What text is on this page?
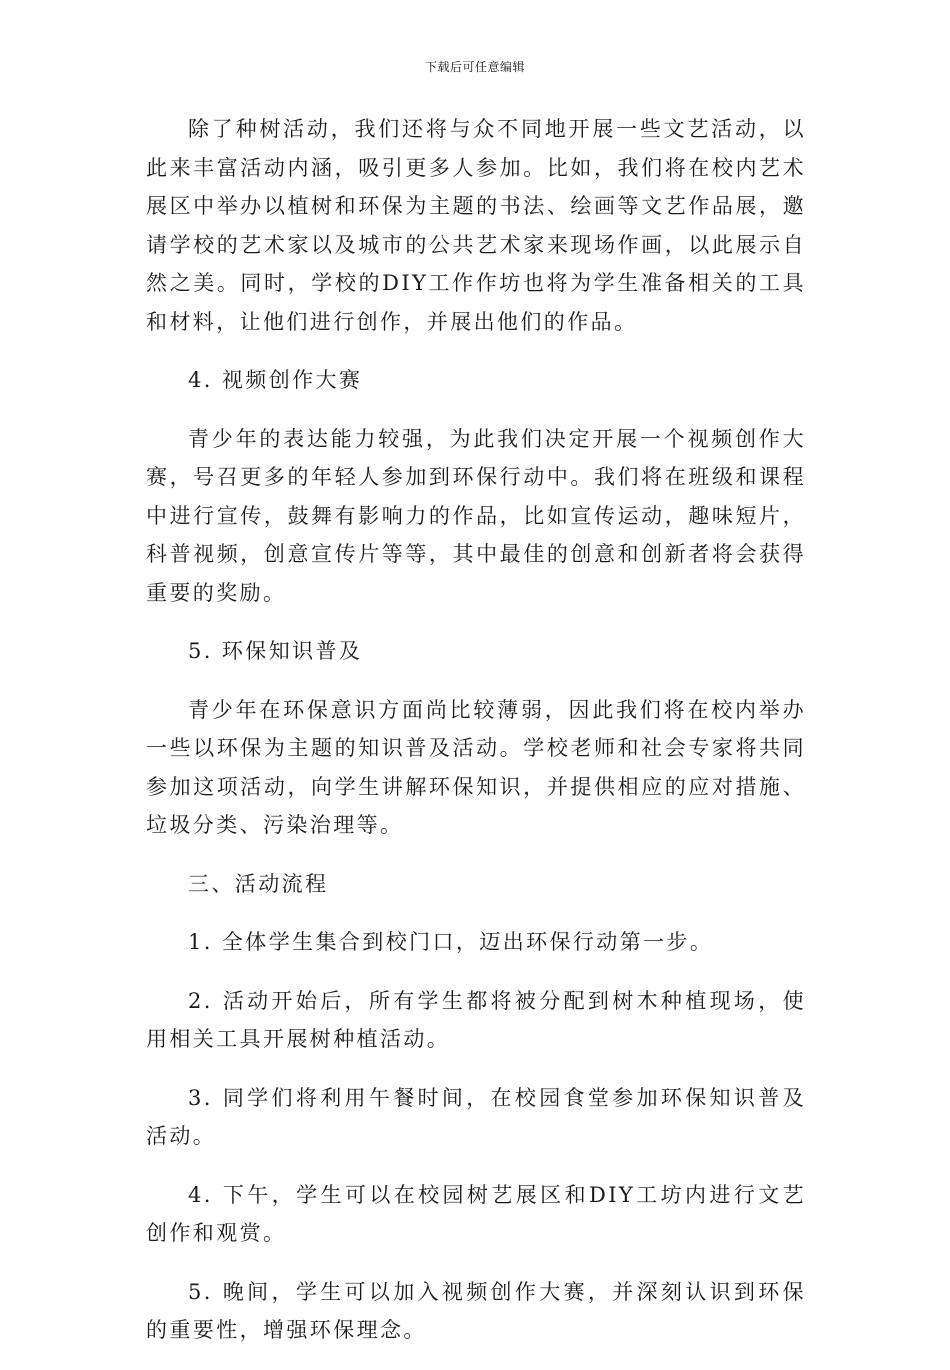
下载后可任意编辑

除了种树活动，我们还将与众不同地开展一些文艺活动，以此来丰富活动内涵，吸引更多人参加。比如，我们将在校内艺术展区中举办以植树和环保为主题的书法、绘画等文艺作品展，邀请学校的艺术家以及城市的公共艺术家来现场作画，以此展示自然之美。同时，学校的DIY工作作坊也将为学生准备相关的工具和材料，让他们进行创作，并展出他们的作品。

4. 视频创作大赛

青少年的表达能力较强，为此我们决定开展一个视频创作大赛，号召更多的年轻人参加到环保行动中。我们将在班级和课程中进行宣传，鼓舞有影响力的作品，比如宣传运动，趣味短片，科普视频，创意宣传片等等，其中最佳的创意和创新者将会获得重要的奖励。

5. 环保知识普及

青少年在环保意识方面尚比较薄弱，因此我们将在校内举办一些以环保为主题的知识普及活动。学校老师和社会专家将共同参加这项活动，向学生讲解环保知识，并提供相应的应对措施、垃圾分类、污染治理等。

三、活动流程

1. 全体学生集合到校门口，迈出环保行动第一步。

2. 活动开始后，所有学生都将被分配到树木种植现场，使用相关工具开展树种植活动。

3. 同学们将利用午餐时间，在校园食堂参加环保知识普及活动。

4. 下午，学生可以在校园树艺展区和DIY工坊内进行文艺创作和观赏。

5. 晚间，学生可以加入视频创作大赛，并深刻认识到环保的重要性，增强环保理念。
